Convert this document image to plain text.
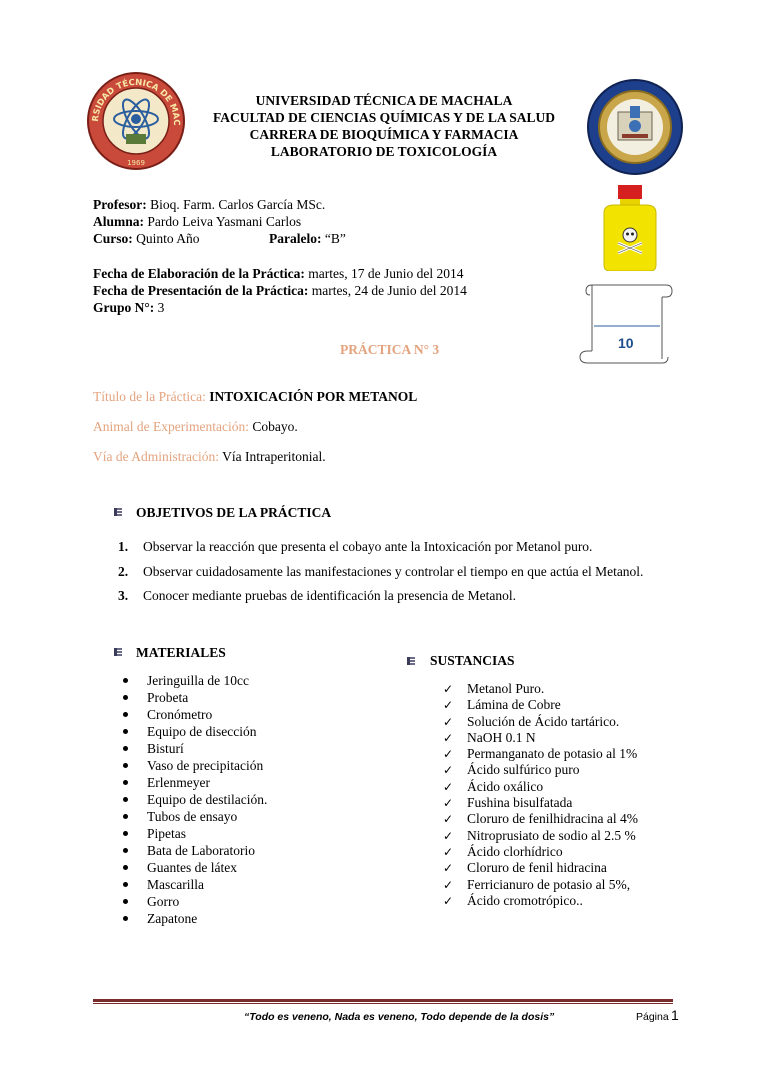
RSIDAD TÉCNICA DE MAC
1969
UNIVERSIDAD TÉCNICA DE MACHALA
FACULTAD DE CIENCIAS QUÍMICAS Y DE LA SALUD
CARRERA DE BIOQUÍMICA Y FARMACIA
LABORATORIO DE TOXICOLOGÍA
10
Profesor: Bioq. Farm. Carlos García MSc.
Alumna: Pardo Leiva Yasmani Carlos
Curso: Quinto Año	Paralelo: “B”
Fecha de Elaboración de la Práctica: martes, 17 de Junio del 2014
Fecha de Presentación de la Práctica: martes, 24 de Junio del 2014
Grupo N°: 3
PRÁCTICA N° 3
Título de la Práctica: INTOXICACIÓN POR METANOL
Animal de Experimentación: Cobayo.
Vía de Administración: Vía Intraperitonial.
OBJETIVOS DE LA PRÁCTICA
1. Observar la reacción que presenta el cobayo ante la Intoxicación por Metanol puro.
2. Observar cuidadosamente las manifestaciones y controlar el tiempo en que actúa el Metanol.
3. Conocer mediante pruebas de identificación la presencia de Metanol.
MATERIALES
Jeringuilla de 10cc
Probeta
Cronómetro
Equipo de disección
Bisturí
Vaso de precipitación
Erlenmeyer
Equipo de destilación.
Tubos de ensayo
Pipetas
Bata de Laboratorio
Guantes de látex
Mascarilla
Gorro
Zapatone
SUSTANCIAS
✓ Metanol Puro.
✓ Lámina de Cobre
✓ Solución de Ácido tartárico.
✓ NaOH 0.1 N
✓ Permanganato de potasio al 1%
✓ Ácido sulfúrico puro
✓ Ácido oxálico
✓ Fushina bisulfatada
✓ Cloruro de fenilhidracina al 4%
✓ Nitroprusiato de sodio al 2.5 %
✓ Ácido clorhídrico
✓ Cloruro de fenil hidracina
✓ Ferricianuro de potasio al 5%,
✓ Ácido cromotrópico..
“Todo es veneno, Nada es veneno, Todo depende de la dosis”	Página 1
